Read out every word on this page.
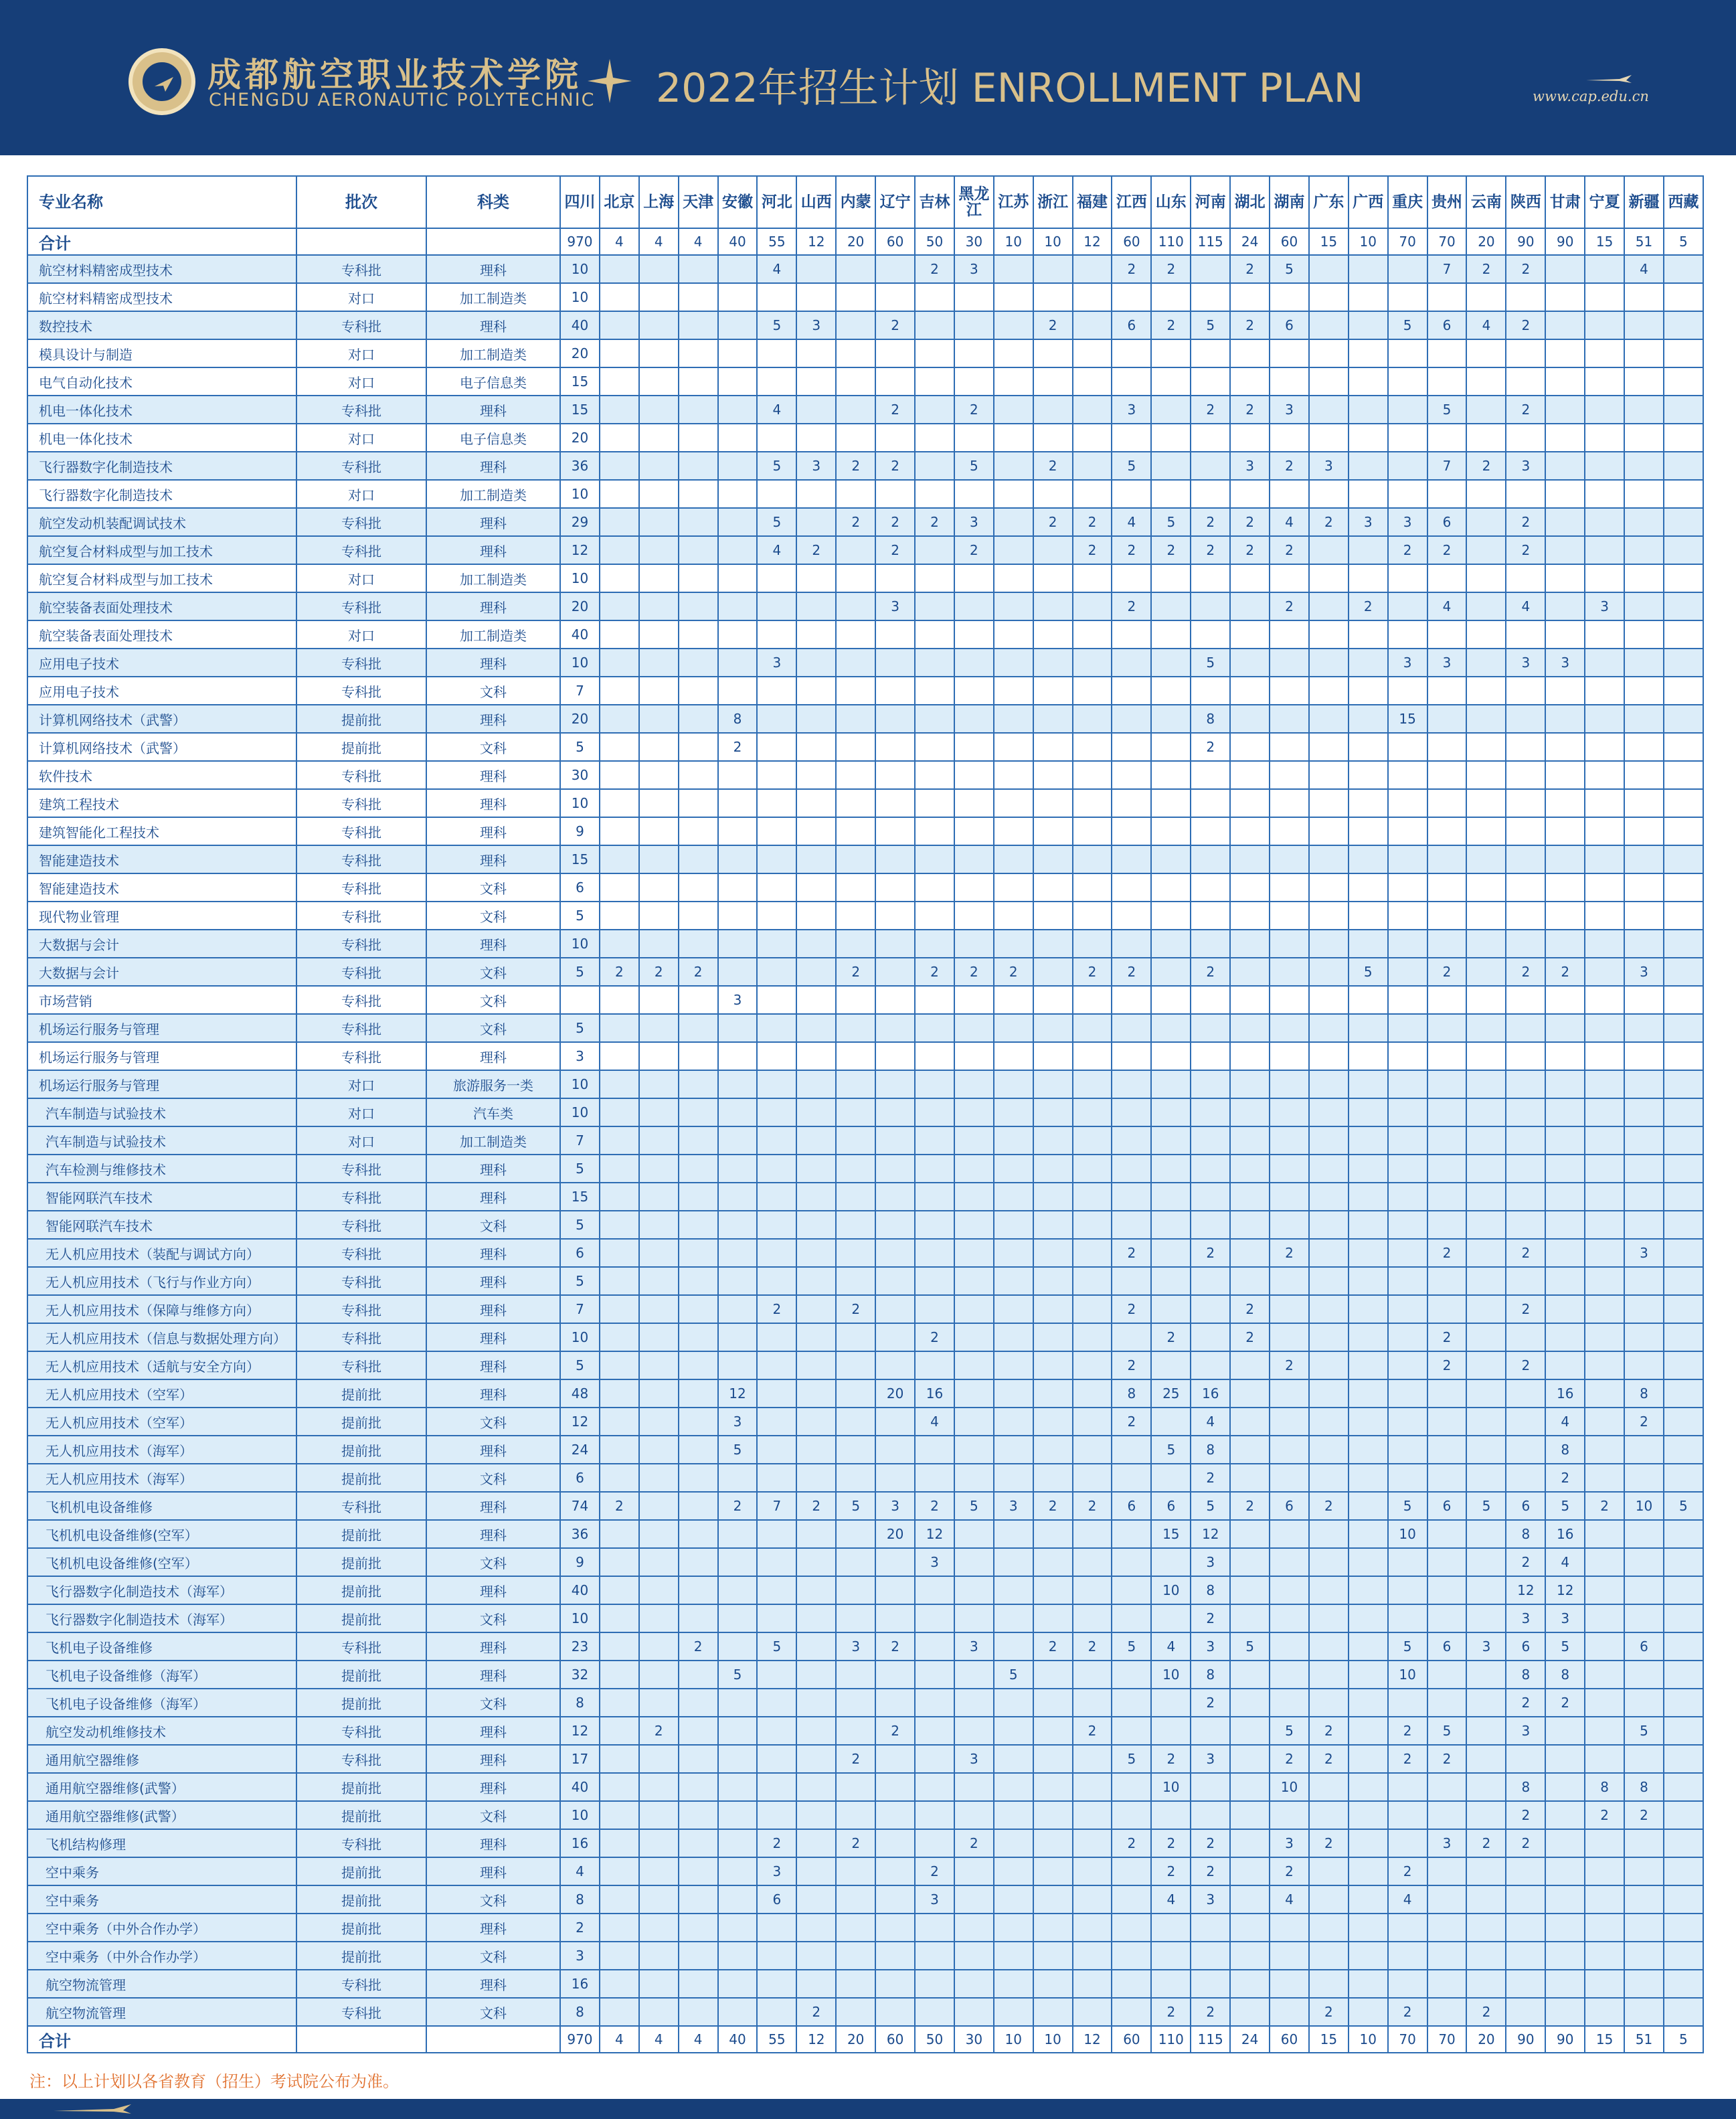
成都航空职业技术学院
CHENGDU AERONAUTIC POLYTECHNIC 2022年招生计划 ENROLLMENT PLAN	www.cap.edu.cn
专业名称	批次	科类	四川	北京	上海	天津	安徽	河北	山西	内蒙	辽宁	吉林	黑龙江	江苏	浙江	福建	江西	山东	河南	湖北	湖南	广东	广西	重庆	贵州	云南	陕西	甘肃	宁夏	新疆	西藏
合计			970	4	4	4	40	55	12	20	60	50	30	10	10	12	60	110	115	24	60	15	10	70	70	20	90	90	15	51	5
航空材料精密成型技术	专科批	理科	10					4				2	3				2	2		2	5				7	2	2			4	
航空材料精密成型技术	对口	加工制造类	10																												
数控技术	专科批	理科	40					5	3		2				2		6	2	5	2	6			5	6	4	2				
模具设计与制造	对口	加工制造类	20																												
电气自动化技术	对口	电子信息类	15																												
机电一体化技术	专科批	理科	15					4			2		2				3		2	2	3				5		2				
机电一体化技术	对口	电子信息类	20																												
飞行器数字化制造技术	专科批	理科	36					5	3	2	2		5		2		5			3	2	3			7	2	3				
飞行器数字化制造技术	对口	加工制造类	10																												
航空发动机装配调试技术	专科批	理科	29					5		2	2	2	3		2	2	4	5	2	2	4	2	3	3	6		2				
航空复合材料成型与加工技术	专科批	理科	12					4	2		2		2			2	2	2	2	2	2			2	2		2				
航空复合材料成型与加工技术	对口	加工制造类	10																												
航空装备表面处理技术	专科批	理科	20								3						2				2		2		4		4		3		
航空装备表面处理技术	对口	加工制造类	40																												
应用电子技术	专科批	理科	10					3											5					3	3		3	3			
应用电子技术	专科批	文科	7																												
计算机网络技术（武警）	提前批	理科	20				8												8					15							
计算机网络技术（武警）	提前批	文科	5				2												2												
软件技术	专科批	理科	30																												
建筑工程技术	专科批	理科	10																												
建筑智能化工程技术	专科批	理科	9																												
智能建造技术	专科批	理科	15																												
智能建造技术	专科批	文科	6																												
现代物业管理	专科批	文科	5																												
大数据与会计	专科批	理科	10																												
大数据与会计	专科批	文科	5	2	2	2				2		2	2	2		2	2		2				5		2		2	2		3	
市场营销	专科批	文科					3																								
机场运行服务与管理	专科批	文科	5																												
机场运行服务与管理	专科批	理科	3																												
机场运行服务与管理	对口	旅游服务一类	10																												
汽车制造与试验技术	对口	汽车类	10																												
汽车制造与试验技术	对口	加工制造类	7																												
汽车检测与维修技术	专科批	理科	5																												
智能网联汽车技术	专科批	理科	15																												
智能网联汽车技术	专科批	文科	5																												
无人机应用技术（装配与调试方向）	专科批	理科	6														2		2		2				2		2			3	
无人机应用技术（飞行与作业方向）	专科批	理科	5																												
无人机应用技术（保障与维修方向）	专科批	理科	7					2		2							2			2							2				
无人机应用技术（信息与数据处理方向）	专科批	理科	10									2						2		2					2						
无人机应用技术（适航与安全方向）	专科批	理科	5														2				2				2		2				
无人机应用技术（空军）	提前批	理科	48				12				20	16					8	25	16									16		8	
无人机应用技术（空军）	提前批	文科	12				3					4					2		4									4		2	
无人机应用技术（海军）	提前批	理科	24				5											5	8									8			
无人机应用技术（海军）	提前批	文科	6																2									2			
飞机机电设备维修	专科批	理科	74	2			2	7	2	5	3	2	5	3	2	2	6	6	5	2	6	2		5	6	5	6	5	2	10	5
飞机机电设备维修(空军）	提前批	理科	36								20	12						15	12					10			8	16			
飞机机电设备维修(空军）	提前批	文科	9									3							3								2	4			
飞行器数字化制造技术（海军）	提前批	理科	40															10	8								12	12			
飞行器数字化制造技术（海军）	提前批	文科	10																2								3	3			
飞机电子设备维修	专科批	理科	23			2		5		3	2		3		2	2	5	4	3	5				5	6	3	6	5		6	
飞机电子设备维修（海军）	提前批	理科	32				5							5				10	8					10			8	8			
飞机电子设备维修（海军）	提前批	文科	8																2								2	2			
航空发动机维修技术	专科批	理科	12		2						2					2					5	2		2	5		3			5	
通用航空器维修	专科批	理科	17							2			3				5	2	3		2	2		2	2						
通用航空器维修(武警）	提前批	理科	40															10			10						8		8	8	
通用航空器维修(武警）	提前批	文科	10																								2		2	2	
飞机结构修理	专科批	理科	16					2		2			2				2	2	2		3	2			3	2	2				
空中乘务	提前批	理科	4					3				2						2	2		2			2							
空中乘务	提前批	文科	8					6				3						4	3		4			4							
空中乘务（中外合作办学）	提前批	理科	2																												
空中乘务（中外合作办学）	提前批	文科	3																												
航空物流管理	专科批	理科	16																												
航空物流管理	专科批	文科	8						2									2	2			2		2		2					
合计			970	4	4	4	40	55	12	20	60	50	30	10	10	12	60	110	115	24	60	15	10	70	70	20	90	90	15	51	5
注：以上计划以各省教育（招生）考试院公布为准。
